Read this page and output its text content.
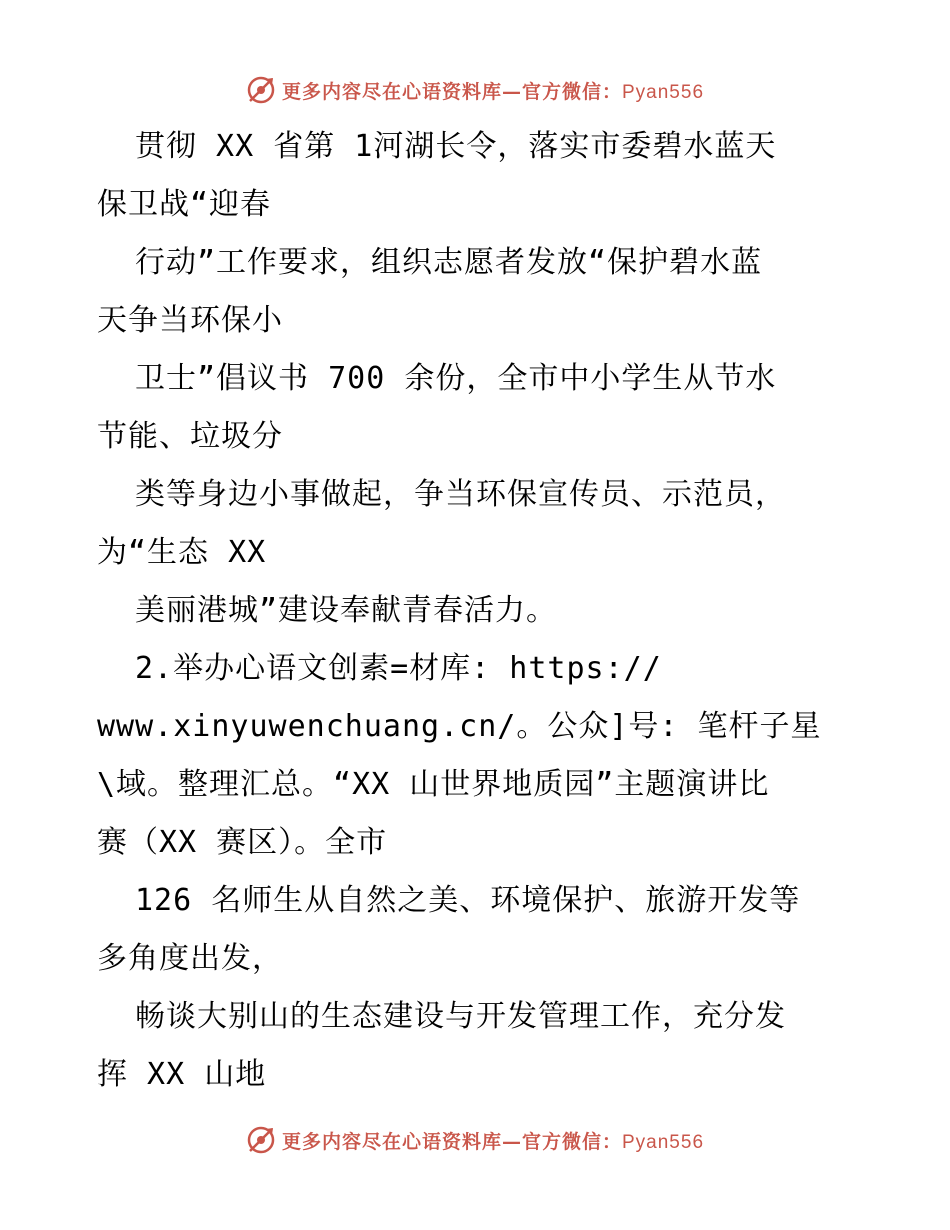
更多内容尽在心语资料库—官方微信：Pyan556
贯彻 XX 省第 1河湖长令，落实市委碧水蓝天
保卫战“迎春
行动”工作要求，组织志愿者发放“保护碧水蓝
天争当环保小
卫士”倡议书 700 余份，全市中小学生从节水
节能、垃圾分
类等身边小事做起，争当环保宣传员、示范员，
为“生态 XX
美丽港城”建设奉献青春活力。
2.举办心语文创素=材库: https://
www.xinyuwenchuang.cn/。公众]号: 笔杆子星
\域。整理汇总。“XX 山世界地质园”主题演讲比
赛（XX 赛区）。全市
126 名师生从自然之美、环境保护、旅游开发等
多角度出发，
畅谈大别山的生态建设与开发管理工作，充分发
挥 XX 山地
更多内容尽在心语资料库—官方微信：Pyan556
